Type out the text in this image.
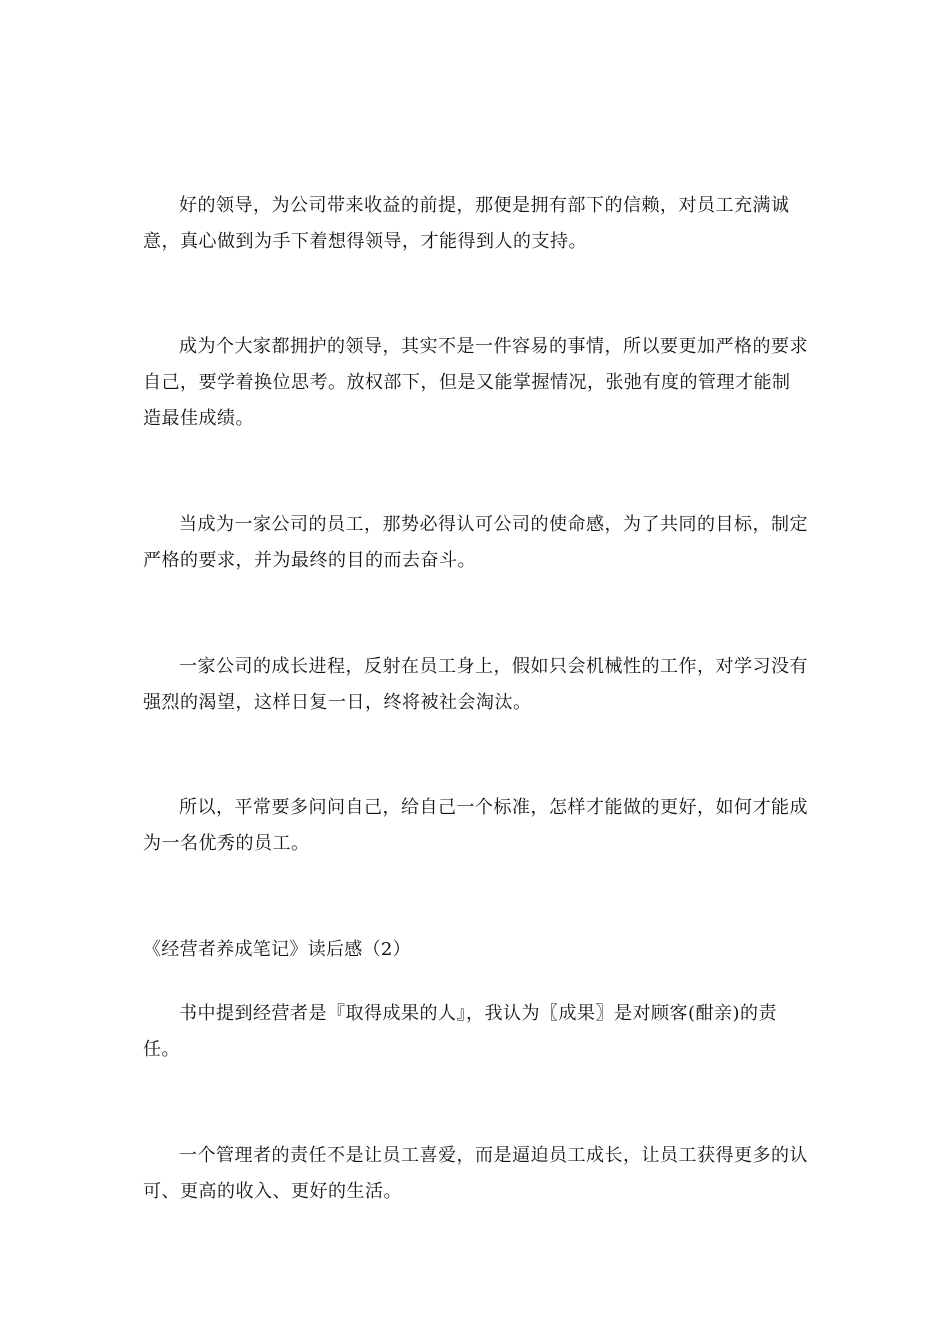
好的领导，为公司带来收益的前提，那便是拥有部下的信赖，对员工充满诚意，真心做到为手下着想得领导，才能得到人的支持。

成为个大家都拥护的领导，其实不是一件容易的事情，所以要更加严格的要求自己，要学着换位思考。放权部下，但是又能掌握情况，张弛有度的管理才能制造最佳成绩。

当成为一家公司的员工，那势必得认可公司的使命感，为了共同的目标，制定严格的要求，并为最终的目的而去奋斗。

一家公司的成长进程，反射在员工身上，假如只会机械性的工作，对学习没有强烈的渴望，这样日复一日，终将被社会淘汰。

所以，平常要多问问自己，给自己一个标准，怎样才能做的更好，如何才能成为一名优秀的员工。

《经营者养成笔记》读后感（2）

书中提到经营者是『取得成果的人』，我认为〖成果〗是对顾客(酣亲)的责任。

一个管理者的责任不是让员工喜爱，而是逼迫员工成长，让员工获得更多的认可、更高的收入、更好的生活。
